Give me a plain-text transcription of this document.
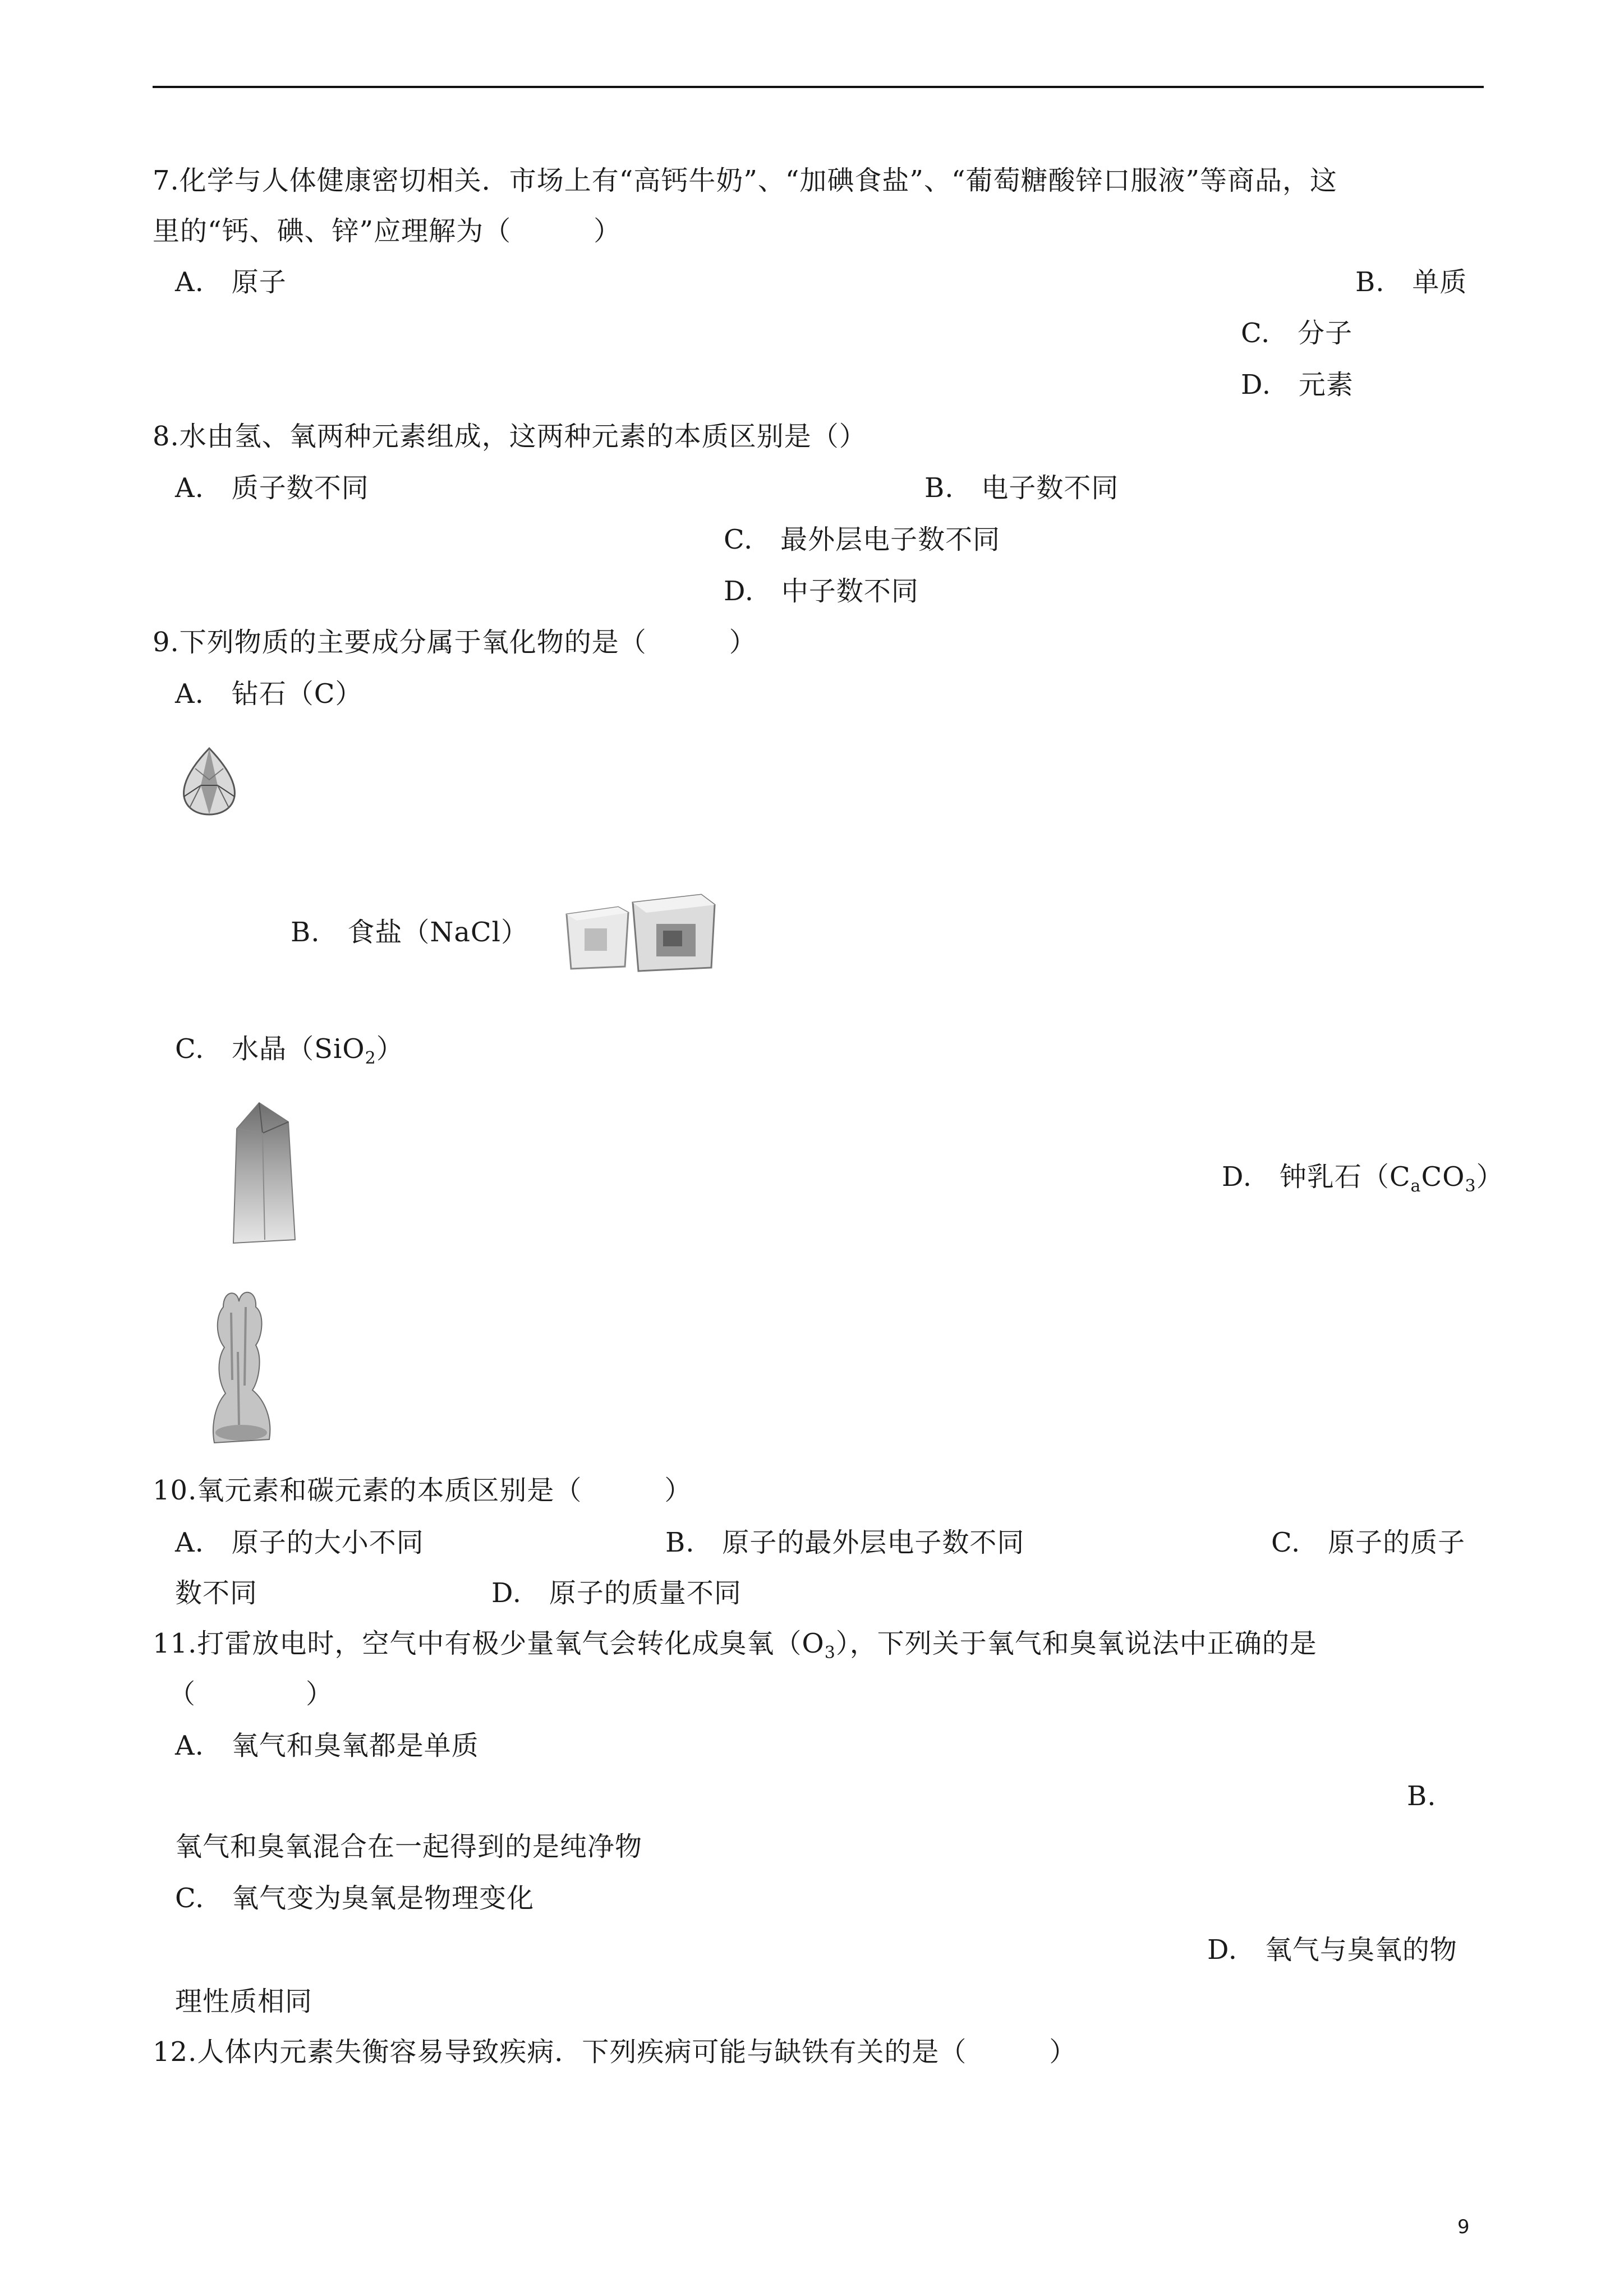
7.化学与人体健康密切相关．市场上有“高钙牛奶”、“加碘食盐”、“葡萄糖酸锌口服液”等商品，这
里的“钙、碘、锌”应理解为（　　　）
A. 原子	B. 单质
C. 分子
D. 元素
8.水由氢、氧两种元素组成，这两种元素的本质区别是（）
A. 质子数不同	B. 电子数不同
C. 最外层电子数不同
D. 中子数不同
9.下列物质的主要成分属于氧化物的是（　　　）
A. 钻石（C）
B. 食盐（NaCl）
C. 水晶（SiO$_2$）
D. 钟乳石$(C_aCO_3)$
10.氧元素和碳元素的本质区别是（　　　）
A. 原子的大小不同	B. 原子的最外层电子数不同	C. 原子的质子
数不同	D. 原子的质量不同
11.打雷放电时，空气中有极少量氧气会转化成臭氧$(O_3)$，下列关于氧气和臭氧说法中正确的是
（　　　　）
A. 氧气和臭氧都是单质
B.
氧气和臭氧混合在一起得到的是纯净物
C. 氧气变为臭氧是物理变化
D. 氧气与臭氧的物
理性质相同
12.人体内元素失衡容易导致疾病．下列疾病可能与缺铁有关的是（　　　）
9
